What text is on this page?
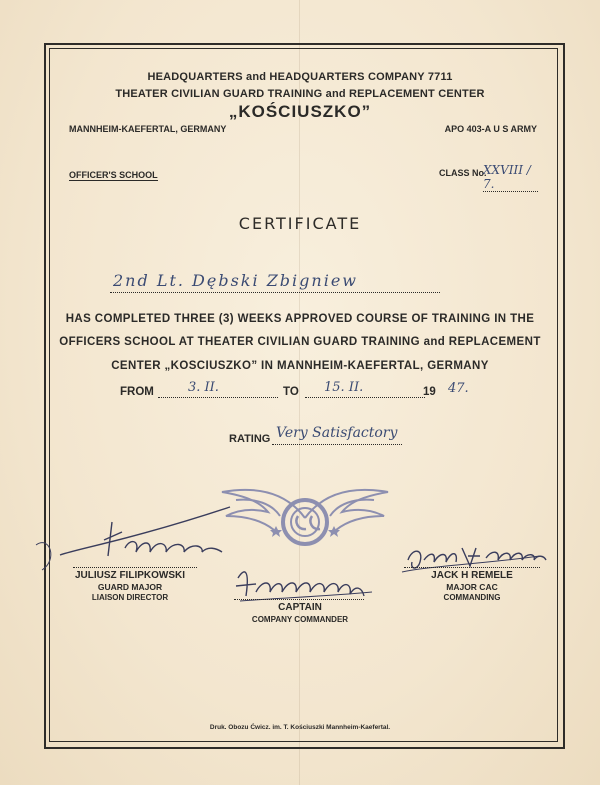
HEADQUARTERS and HEADQUARTERS COMPANY 7711
THEATER CIVILIAN GUARD TRAINING and REPLACEMENT CENTER
„KOŚCIUSZKO”
MANNHEIM-KAEFERTAL, GERMANY	APO 403-A U S ARMY
OFFICER'S SCHOOL	CLASS No.
XXVIII / 7.
CERTIFICATE
2nd Lt. Dębski Zbigniew
HAS COMPLETED THREE (3) WEEKS APPROVED COURSE OF TRAINING IN THE
OFFICERS SCHOOL AT THEATER CIVILIAN GUARD TRAINING and REPLACEMENT
CENTER „KOSCIUSZKO” IN MANNHEIM-KAEFERTAL, GERMANY
FROM	3. II.	TO 15. II.	19 47.
RATING Very Satisfactory
JULIUSZ FILIPKOWSKI
GUARD MAJOR
LIAISON DIRECTOR
CAPTAIN
COMPANY COMMANDER
JACK H REMELE
MAJOR CAC
COMMANDING
Druk. Obozu Ćwicz. im. T. Kościuszki Mannheim-Kaefertal.
